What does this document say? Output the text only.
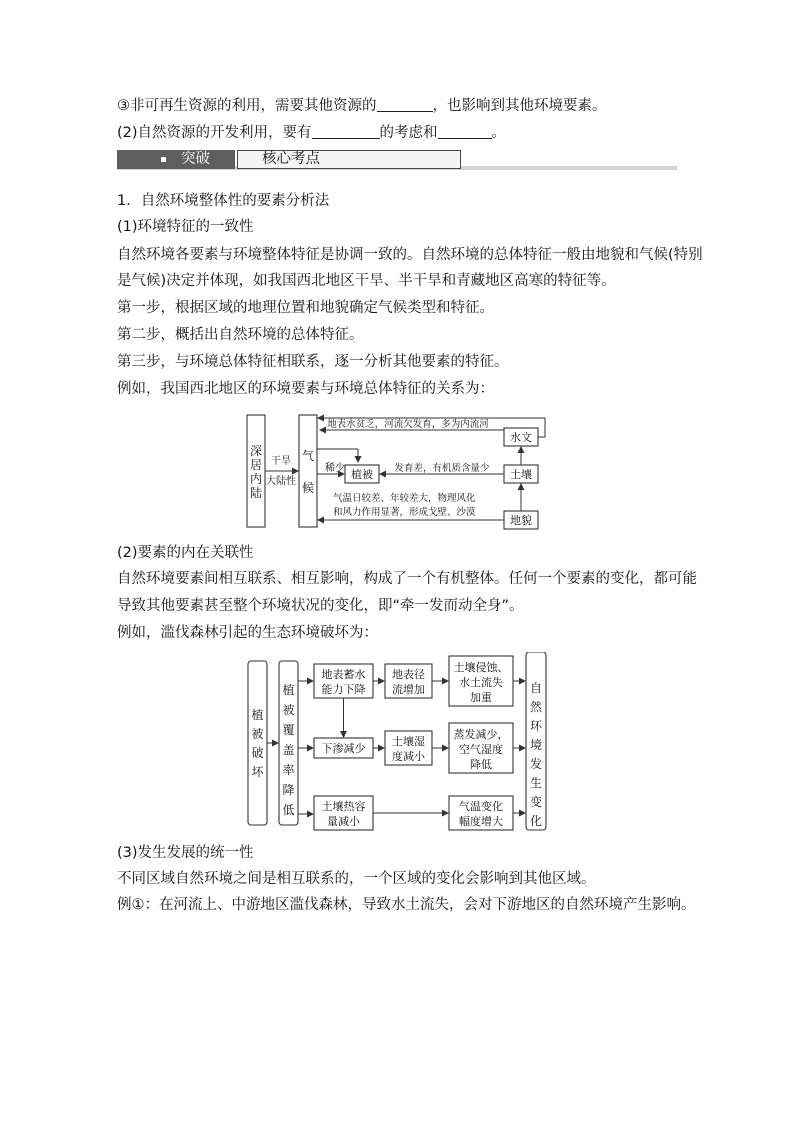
③非可再生资源的利用，需要其他资源的	，也影响到其他环境要素。
(2)自然资源的开发利用，要有	的考虑和	。
突破	核心考点
1．自然环境整体性的要素分析法
(1)环境特征的一致性
自然环境各要素与环境整体特征是协调一致的。自然环境的总体特征一般由地貌和气候(特别
是气候)决定并体现，如我国西北地区干旱、半干旱和青藏地区高寒的特征等。
第一步，根据区域的地理位置和地貌确定气候类型和特征。
第二步，概括出自然环境的总体特征。
第三步，与环境总体特征相联系，逐一分析其他要素的特征。
例如，我国西北地区的环境要素与环境总体特征的关系为：
深
居
内
陆
干旱
大陆性
气
候
地表水贫乏，河流欠发育，多为内流河
水文
稀少 植被 发育差，有机质含量少 土壤
气温日较差、年较差大，物理风化
和风力作用显著，形成戈壁、沙漠
地貌
(2)要素的内在关联性
自然环境要素间相互联系、相互影响，构成了一个有机整体。任何一个要素的变化，都可能
导致其他要素甚至整个环境状况的变化，即“牵一发而动全身”。
例如，滥伐森林引起的生态环境破坏为：
植
被
破
坏
植
被
覆
盖
率
降
低
地表蓄水
能力下降
地表径
流增加
土壤侵蚀、
水土流失
加重
下渗减少
土壤湿
度减小
蒸发减少，
空气湿度
降低
土壤热容
量减小
气温变化
幅度增大
自
然
环
境
发
生
变
化
(3)发生发展的统一性
不同区域自然环境之间是相互联系的，一个区域的变化会影响到其他区域。
例①：在河流上、中游地区滥伐森林，导致水土流失，会对下游地区的自然环境产生影响。
